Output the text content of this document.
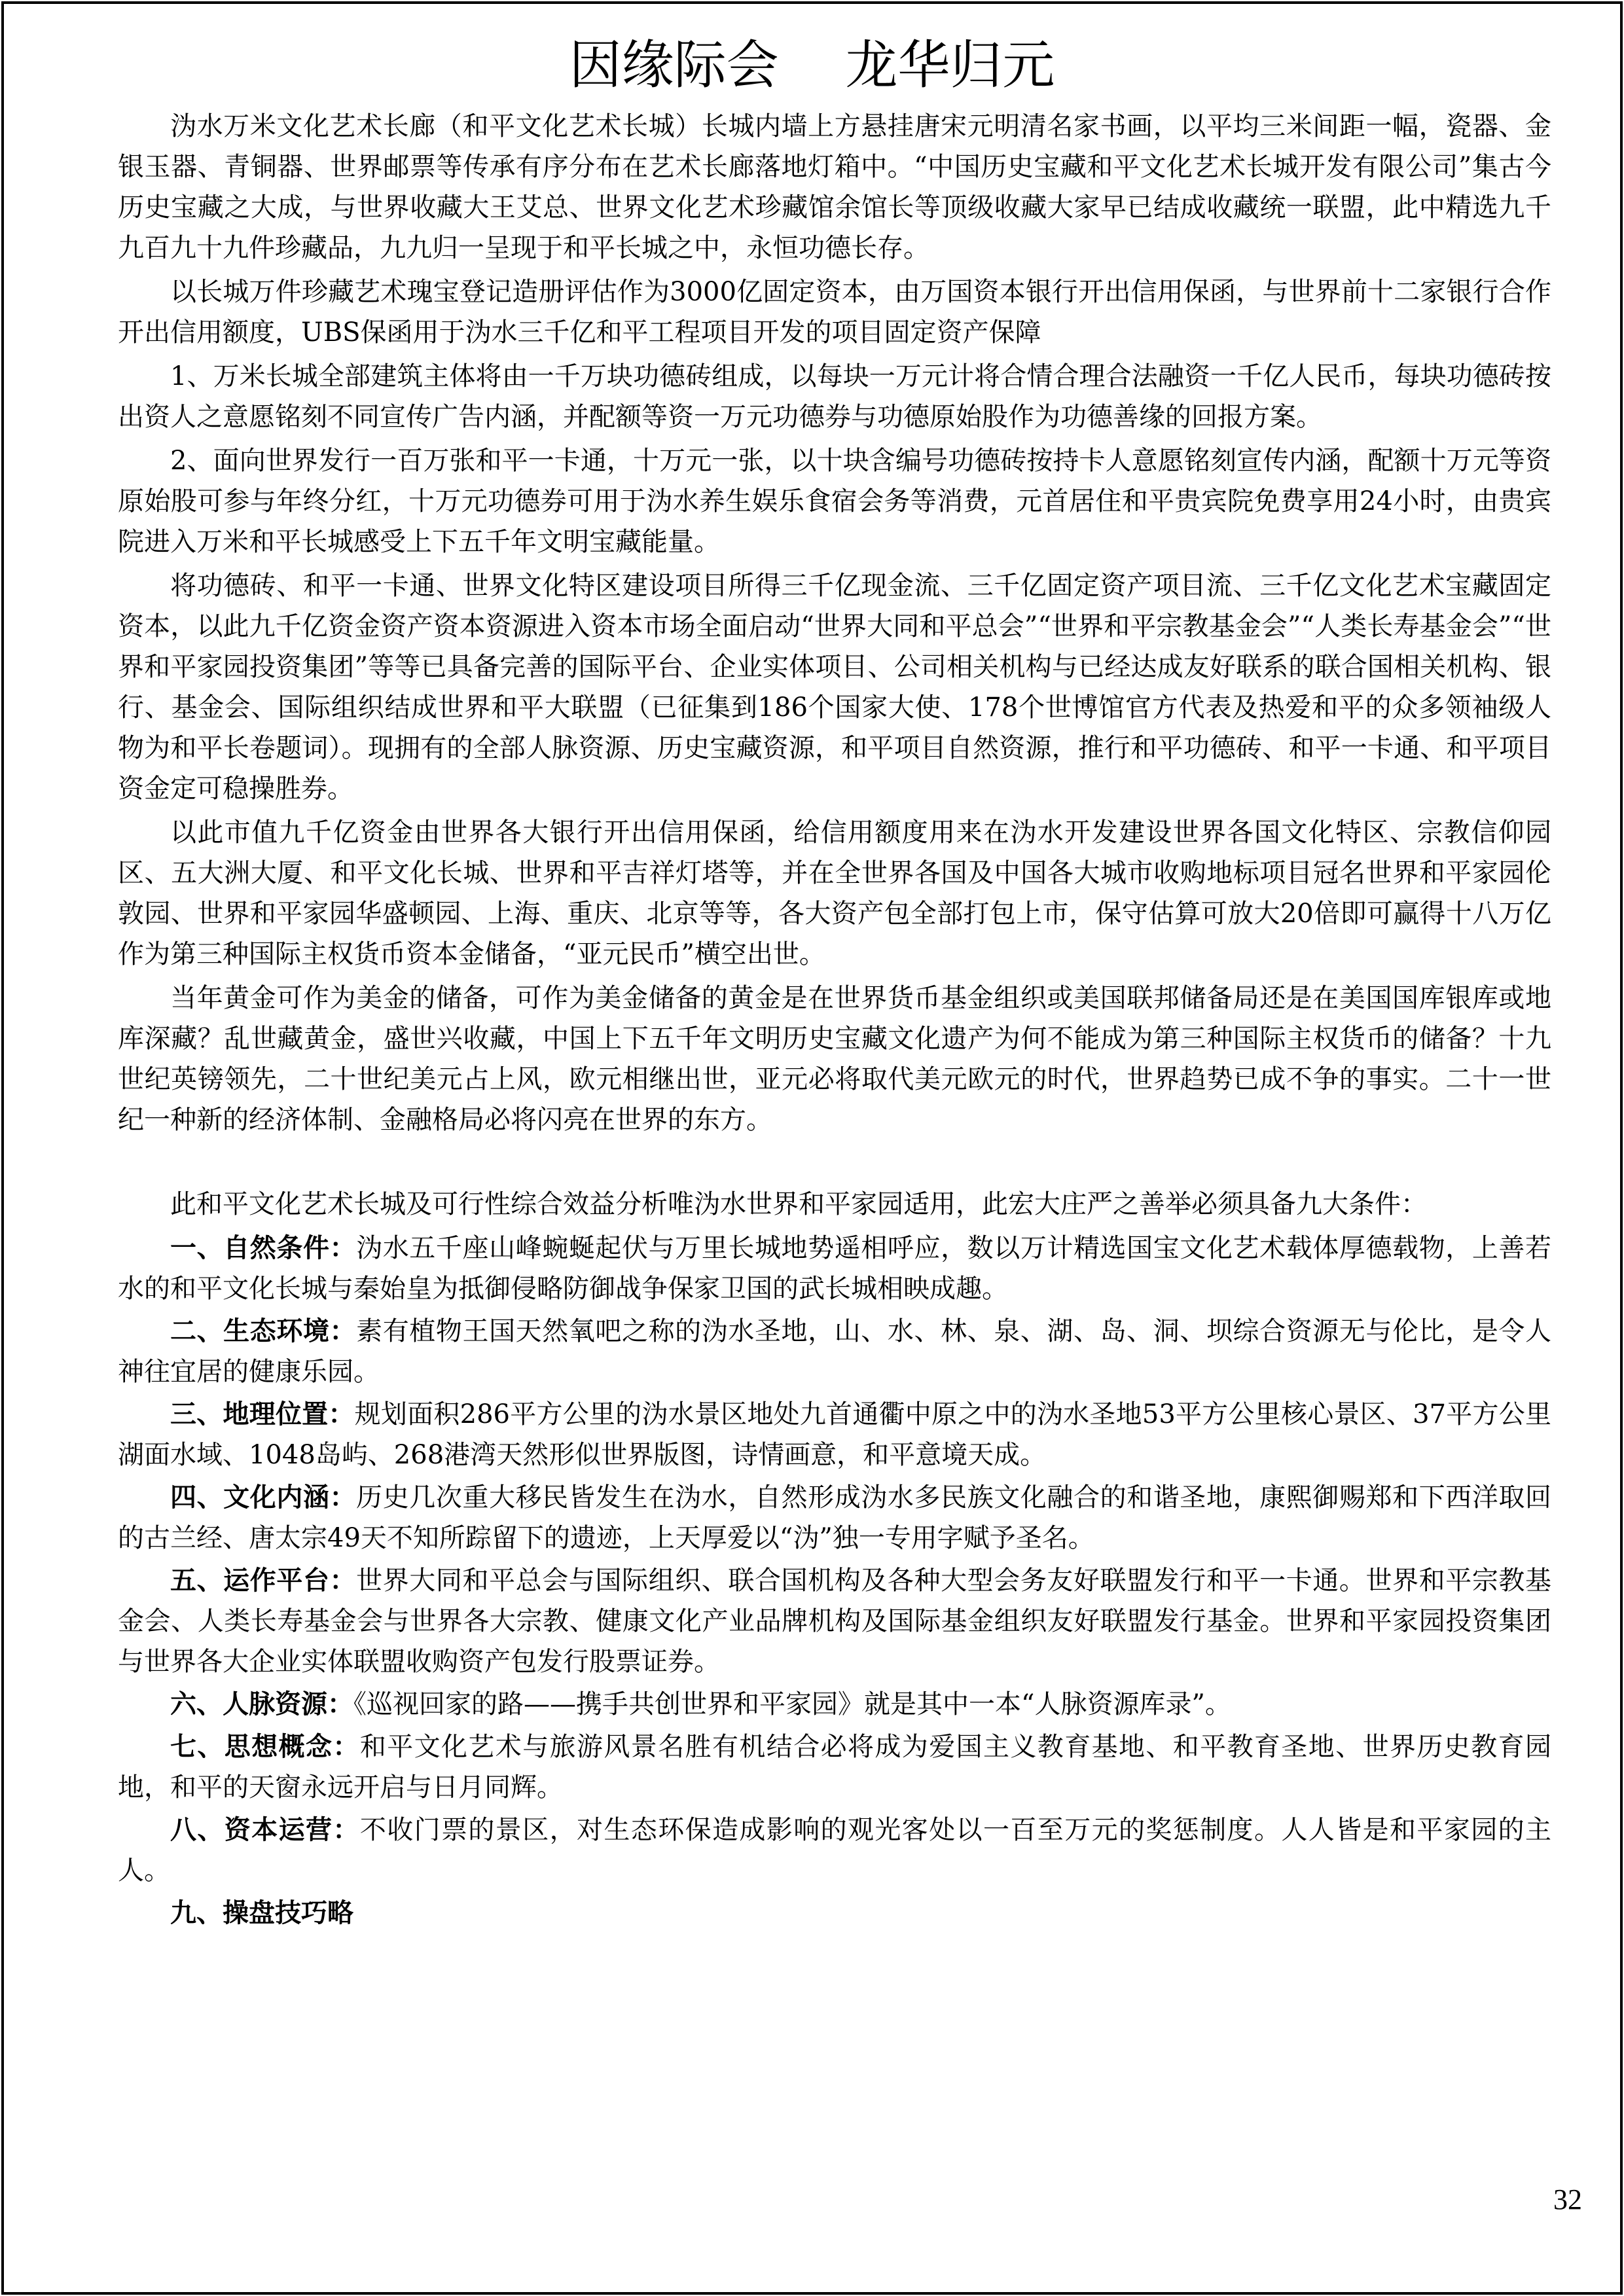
因缘际会    龙华归元

沩水万米文化艺术长廊（和平文化艺术长城）长城内墙上方悬挂唐宋元明清名家书画，以平均三米间距一幅，瓷器、金银玉器、青铜器、世界邮票等传承有序分布在艺术长廊落地灯箱中。“中国历史宝藏和平文化艺术长城开发有限公司”集古今历史宝藏之大成，与世界收藏大王艾总、世界文化艺术珍藏馆余馆长等顶级收藏大家早已结成收藏统一联盟，此中精选九千九百九十九件珍藏品，九九归一呈现于和平长城之中，永恒功德长存。

以长城万件珍藏艺术瑰宝登记造册评估作为3000亿固定资本，由万国资本银行开出信用保函，与世界前十二家银行合作开出信用额度，UBS保函用于沩水三千亿和平工程项目开发的项目固定资产保障

1、万米长城全部建筑主体将由一千万块功德砖组成，以每块一万元计将合情合理合法融资一千亿人民币，每块功德砖按出资人之意愿铭刻不同宣传广告内涵，并配额等资一万元功德券与功德原始股作为功德善缘的回报方案。

2、面向世界发行一百万张和平一卡通，十万元一张，以十块含编号功德砖按持卡人意愿铭刻宣传内涵，配额十万元等资原始股可参与年终分红，十万元功德券可用于沩水养生娱乐食宿会务等消费，元首居住和平贵宾院免费享用24小时，由贵宾院进入万米和平长城感受上下五千年文明宝藏能量。

将功德砖、和平一卡通、世界文化特区建设项目所得三千亿现金流、三千亿固定资产项目流、三千亿文化艺术宝藏固定资本，以此九千亿资金资产资本资源进入资本市场全面启动“世界大同和平总会”“世界和平宗教基金会”“人类长寿基金会”“世界和平家园投资集团”等等已具备完善的国际平台、企业实体项目、公司相关机构与已经达成友好联系的联合国相关机构、银行、基金会、国际组织结成世界和平大联盟（已征集到186个国家大使、178个世博馆官方代表及热爱和平的众多领袖级人物为和平长卷题词）。现拥有的全部人脉资源、历史宝藏资源，和平项目自然资源，推行和平功德砖、和平一卡通、和平项目资金定可稳操胜券。

以此市值九千亿资金由世界各大银行开出信用保函，给信用额度用来在沩水开发建设世界各国文化特区、宗教信仰园区、五大洲大厦、和平文化长城、世界和平吉祥灯塔等，并在全世界各国及中国各大城市收购地标项目冠名世界和平家园伦敦园、世界和平家园华盛顿园、上海、重庆、北京等等，各大资产包全部打包上市，保守估算可放大20倍即可赢得十八万亿作为第三种国际主权货币资本金储备，“亚元民币”横空出世。

当年黄金可作为美金的储备，可作为美金储备的黄金是在世界货币基金组织或美国联邦储备局还是在美国国库银库或地库深藏？乱世藏黄金，盛世兴收藏，中国上下五千年文明历史宝藏文化遗产为何不能成为第三种国际主权货币的储备？十九世纪英镑领先，二十世纪美元占上风，欧元相继出世，亚元必将取代美元欧元的时代，世界趋势已成不争的事实。二十一世纪一种新的经济体制、金融格局必将闪亮在世界的东方。

此和平文化艺术长城及可行性综合效益分析唯沩水世界和平家园适用，此宏大庄严之善举必须具备九大条件：

一、自然条件：沩水五千座山峰蜿蜒起伏与万里长城地势遥相呼应，数以万计精选国宝文化艺术载体厚德载物，上善若水的和平文化长城与秦始皇为抵御侵略防御战争保家卫国的武长城相映成趣。

二、生态环境：素有植物王国天然氧吧之称的沩水圣地，山、水、林、泉、湖、岛、洞、坝综合资源无与伦比，是令人神往宜居的健康乐园。

三、地理位置：规划面积286平方公里的沩水景区地处九首通衢中原之中的沩水圣地53平方公里核心景区、37平方公里湖面水域、1048岛屿、268港湾天然形似世界版图，诗情画意，和平意境天成。

四、文化内涵：历史几次重大移民皆发生在沩水，自然形成沩水多民族文化融合的和谐圣地，康熙御赐郑和下西洋取回的古兰经、唐太宗49天不知所踪留下的遗迹，上天厚爱以“沩”独一专用字赋予圣名。

五、运作平台：世界大同和平总会与国际组织、联合国机构及各种大型会务友好联盟发行和平一卡通。世界和平宗教基金会、人类长寿基金会与世界各大宗教、健康文化产业品牌机构及国际基金组织友好联盟发行基金。世界和平家园投资集团与世界各大企业实体联盟收购资产包发行股票证券。

六、人脉资源：《巡视回家的路——携手共创世界和平家园》就是其中一本“人脉资源库录”。

七、思想概念：和平文化艺术与旅游风景名胜有机结合必将成为爱国主义教育基地、和平教育圣地、世界历史教育园地，和平的天窗永远开启与日月同辉。

八、资本运营：不收门票的景区，对生态环保造成影响的观光客处以一百至万元的奖惩制度。人人皆是和平家园的主人。

九、操盘技巧略

32
